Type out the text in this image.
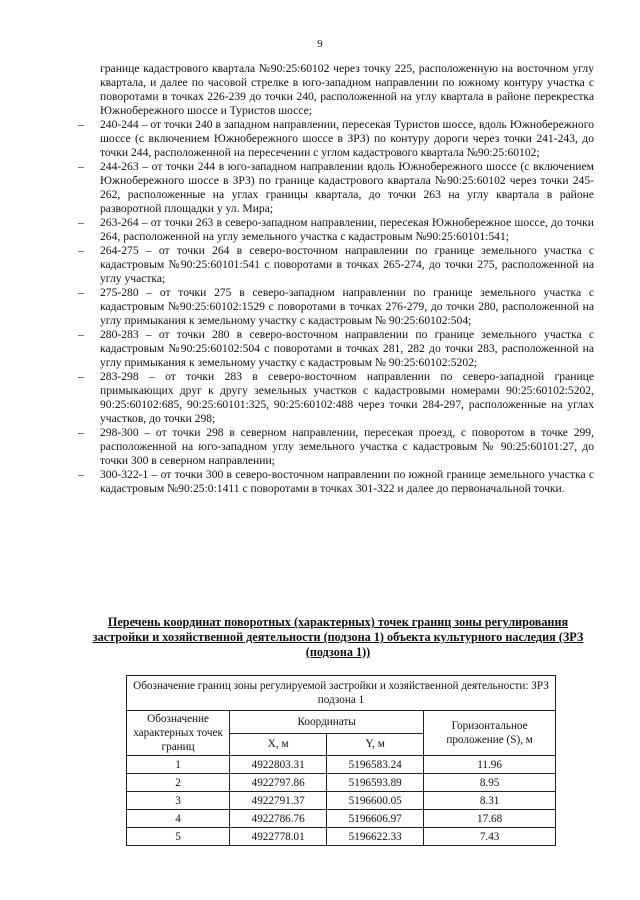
9

границе кадастрового квартала №90:25:60102 через точку 225, расположенную на восточном углу квартала, и далее по часовой стрелке в юго-западном направлении по южному контуру участка с поворотами в точках 226-239 до точки 240, расположенной на углу квартала в районе перекрестка Южнобережного шоссе и Туристов шоссе;

– 240-244 – от точки 240 в западном направлении, пересекая Туристов шоссе, вдоль Южнобережного шоссе (с включением Южнобережного шоссе в ЗРЗ) по контуру дороги через точки 241-243, до точки 244, расположенной на пересечении с углом кадастрового квартала №90:25:60102;
– 244-263 – от точки 244 в юго-западном направлении вдоль Южнобережного шоссе (с включением Южнобережного шоссе в ЗРЗ) по границе кадастрового квартала №90:25:60102 через точки 245-262, расположенные на углах границы квартала, до точки 263 на углу квартала в районе разворотной площадки у ул. Мира;
– 263-264 – от точки 263 в северо-западном направлении, пересекая Южнобережное шоссе, до точки 264, расположенной на углу земельного участка с кадастровым №90:25:60101:541;
– 264-275 – от точки 264 в северо-восточном направлении по границе земельного участка с кадастровым №90:25:60101:541 с поворотами в точках 265-274, до точки 275, расположенной на углу участка;
– 275-280 – от точки 275 в северо-западном направлении по границе земельного участка с кадастровым №90:25:60102:1529 с поворотами в точках 276-279, до точки 280, расположенной на углу примыкания к земельному участку с кадастровым № 90:25:60102:504;
– 280-283 – от точки 280 в северо-восточном направлении по границе земельного участка с кадастровым №90:25:60102:504 с поворотами в точках 281, 282 до точки 283, расположенной на углу примыкания к земельному участку с кадастровым № 90:25:60102:5202;
– 283-298 – от точки 283 в северо-восточном направлении по северо-западной границе примыкающих друг к другу земельных участков с кадастровыми номерами 90:25:60102:5202, 90:25:60102:685, 90:25:60101:325, 90:25:60102:488 через точки 284-297, расположенные на углах участков, до точки 298;
– 298-300 – от точки 298 в северном направлении, пересекая проезд, с поворотом в точке 299, расположенной на юго-западном углу земельного участка с кадастровым № 90:25:60101:27, до точки 300 в северном направлении;
– 300-322-1 – от точки 300 в северо-восточном направлении по южной границе земельного участка с кадастровым №90:25:0:1411 с поворотами в точках 301-322 и далее до первоначальной точки.
Перечень координат поворотных (характерных) точек границ зоны регулирования застройки и хозяйственной деятельности (подзона 1) объекта культурного наследия (ЗРЗ (подзона 1))
Обозначение границ зоны регулируемой застройки и хозяйственной деятельности: ЗРЗ подзона 1			
Обозначение характерных точек границ	Координаты		Горизонтальное проложение (S), м
	X, м	Y, м	
1	4922803.31	5196583.24	11.96
2	4922797.86	5196593.89	8.95
3	4922791.37	5196600.05	8.31
4	4922786.76	5196606.97	17.68
5	4922778.01	5196622.33	7.43
